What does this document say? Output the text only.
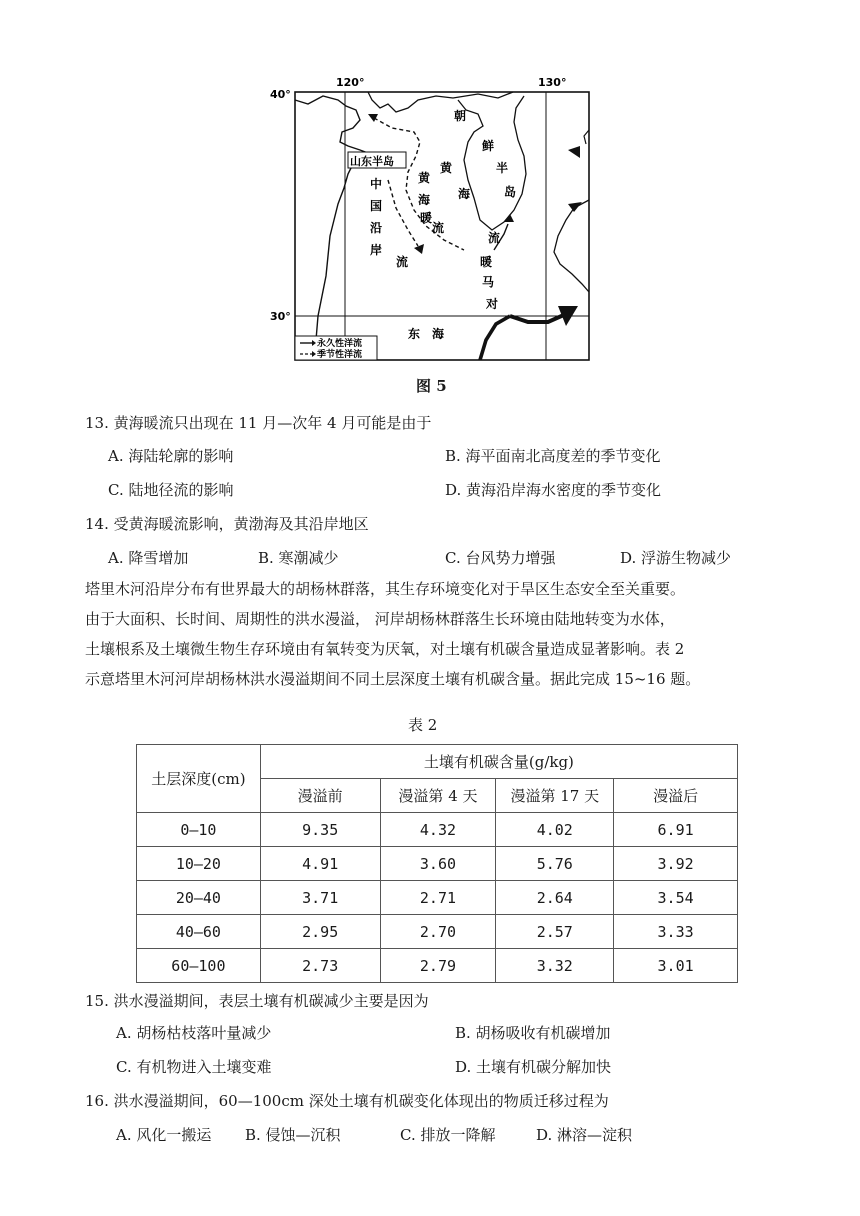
120°	130°
40°
30°
山东半岛
中
国
沿
岸
流
黄
海
暖
流
黄
海
朝
鲜
半
岛
流
暖
马
对
东　海
永久性洋流
季节性洋流
图 5
13. 黄海暖流只出现在 11 月—次年 4 月可能是由于
A. 海陆轮廓的影响	B. 海平面南北高度差的季节变化
C. 陆地径流的影响	D. 黄海沿岸海水密度的季节变化
14. 受黄海暖流影响，黄渤海及其沿岸地区
A. 降雪增加	B. 寒潮减少	C. 台风势力增强	D. 浮游生物减少
塔里木河沿岸分布有世界最大的胡杨林群落，其生存环境变化对于旱区生态安全至关重要。
由于大面积、长时间、周期性的洪水漫溢， 河岸胡杨林群落生长环境由陆地转变为水体，
土壤根系及土壤微生物生存环境由有氧转变为厌氧，对土壤有机碳含量造成显著影响。表 2
示意塔里木河河岸胡杨林洪水漫溢期间不同土层深度土壤有机碳含量。据此完成 15~16 题。
表 2
土层深度(cm)	土壤有机碳含量(g/kg)			
	漫溢前	漫溢第 4 天	漫溢第 17 天	漫溢后
0—10	9.35	4.32	4.02	6.91
10—20	4.91	3.60	5.76	3.92
20—40	3.71	2.71	2.64	3.54
40—60	2.95	2.70	2.57	3.33
60—100	2.73	2.79	3.32	3.01
15. 洪水漫溢期间，表层土壤有机碳减少主要是因为
A. 胡杨枯枝落叶量减少	B. 胡杨吸收有机碳增加
C. 有机物进入土壤变难	D. 土壤有机碳分解加快
16. 洪水漫溢期间，60—100cm 深处土壤有机碳变化体现出的物质迁移过程为
A. 风化一搬运 B. 侵蚀—沉积	C. 排放一降解	D. 淋溶—淀积
